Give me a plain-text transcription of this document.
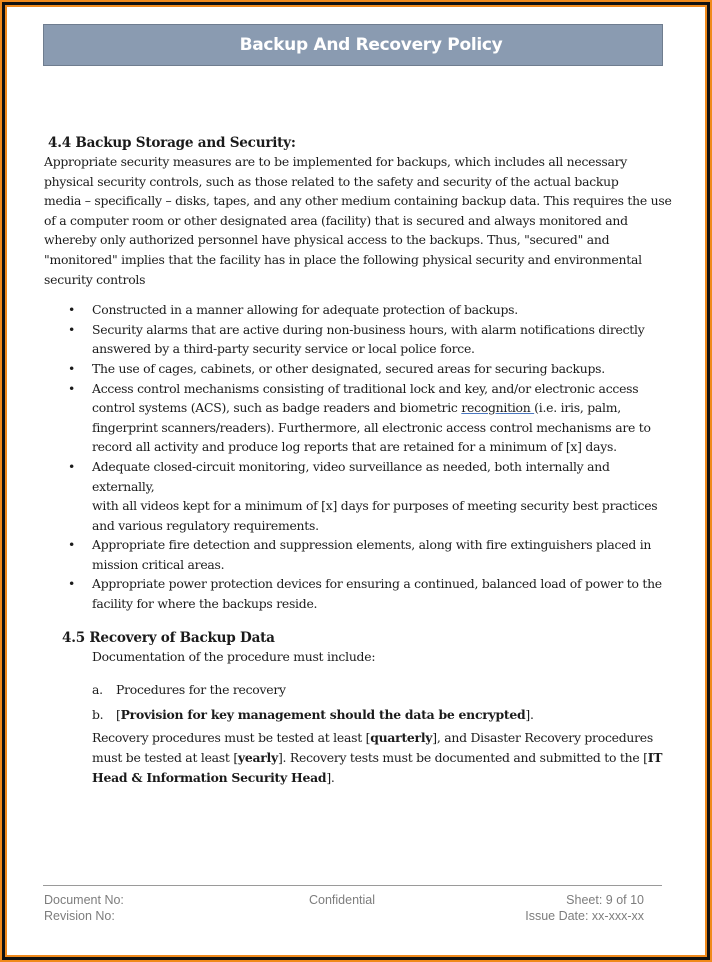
Backup And Recovery Policy
4.4 Backup Storage and Security:

Appropriate security measures are to be implemented for backups, which includes all necessary
physical security controls, such as those related to the safety and security of the actual backup
media – specifically – disks, tapes, and any other medium containing backup data. This requires the use
of a computer room or other designated area (facility) that is secured and always monitored and
whereby only authorized personnel have physical access to the backups. Thus, "secured" and
"monitored" implies that the facility has in place the following physical security and environmental
security controls

• Constructed in a manner allowing for adequate protection of backups.
• Security alarms that are active during non-business hours, with alarm notifications directly
answered by a third-party security service or local police force.
• The use of cages, cabinets, or other designated, secured areas for securing backups.
• Access control mechanisms consisting of traditional lock and key, and/or electronic access
control systems (ACS), such as badge readers and biometric recognition (i.e. iris, palm,
fingerprint scanners/readers). Furthermore, all electronic access control mechanisms are to
record all activity and produce log reports that are retained for a minimum of [x] days.
• Adequate closed-circuit monitoring, video surveillance as needed, both internally and externally,
with all videos kept for a minimum of [x] days for purposes of meeting security best practices
and various regulatory requirements.
• Appropriate fire detection and suppression elements, along with fire extinguishers placed in
mission critical areas.
• Appropriate power protection devices for ensuring a continued, balanced load of power to the
facility for where the backups reside.
4.5 Recovery of Backup Data
Documentation of the procedure must include:
a. Procedures for the recovery
b. [Provision for key management should the data be encrypted].

Recovery procedures must be tested at least [quarterly], and Disaster Recovery procedures
must be tested at least [yearly]. Recovery tests must be documented and submitted to the [IT
Head & Information Security Head].

Document No:
Revision No:
Confidential	Sheet: 9 of 10
Issue Date: xx-xxx-xx
